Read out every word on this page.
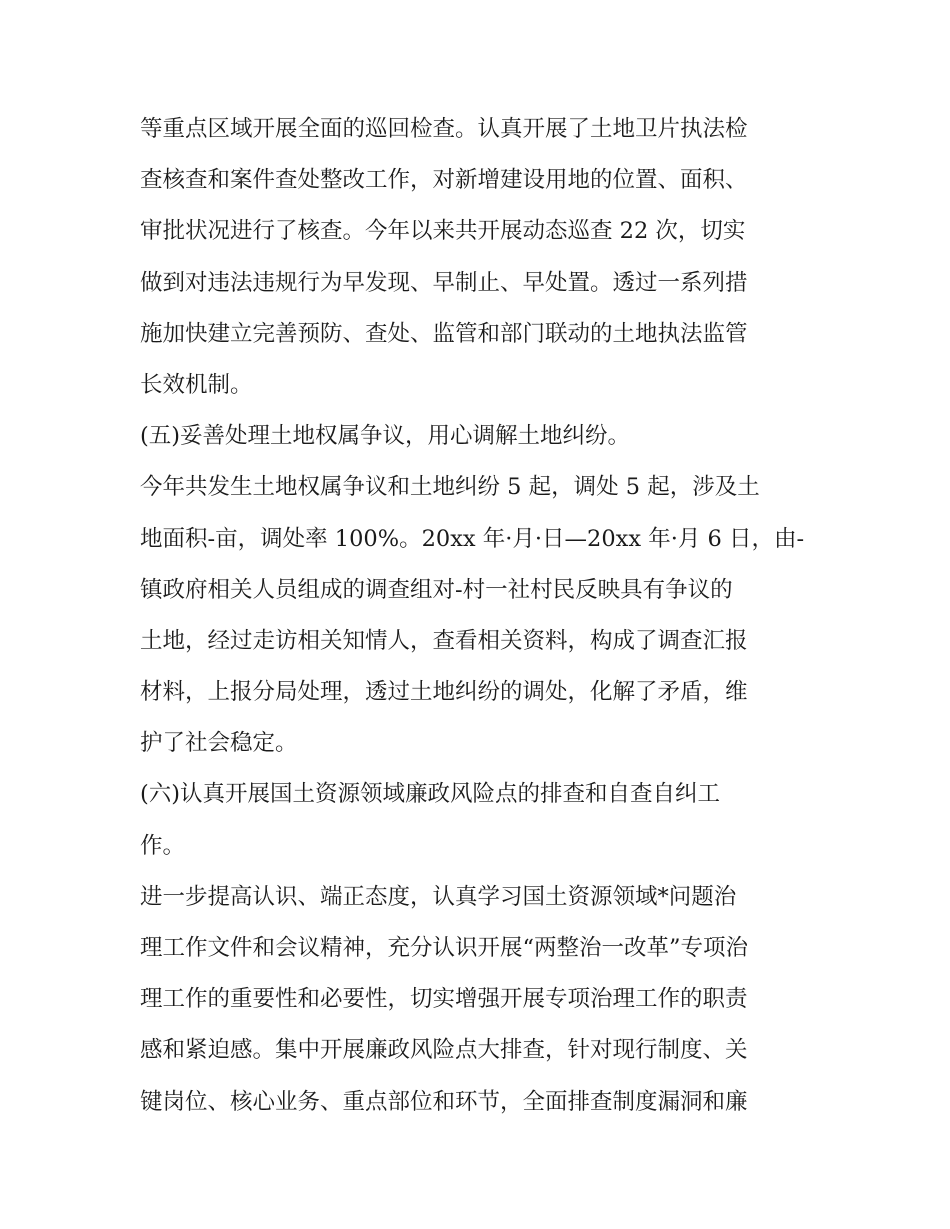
等重点区域开展全面的巡回检查。认真开展了土地卫片执法检
查核查和案件查处整改工作，对新增建设用地的位置、面积、
审批状况进行了核查。今年以来共开展动态巡查 22 次，切实
做到对违法违规行为早发现、早制止、早处置。透过一系列措
施加快建立完善预防、查处、监管和部门联动的土地执法监管
长效机制。
(五)妥善处理土地权属争议，用心调解土地纠纷。
今年共发生土地权属争议和土地纠纷 5 起，调处 5 起，涉及土
地面积-亩，调处率 100%。20xx 年·月·日—20xx 年·月 6 日，由-
镇政府相关人员组成的调查组对-村一社村民反映具有争议的
土地，经过走访相关知情人，查看相关资料，构成了调查汇报
材料，上报分局处理，透过土地纠纷的调处，化解了矛盾，维
护了社会稳定。
(六)认真开展国土资源领域廉政风险点的排查和自查自纠工
作。
进一步提高认识、端正态度，认真学习国土资源领域*问题治
理工作文件和会议精神，充分认识开展“两整治一改革”专项治
理工作的重要性和必要性，切实增强开展专项治理工作的职责
感和紧迫感。集中开展廉政风险点大排查，针对现行制度、关
键岗位、核心业务、重点部位和环节，全面排查制度漏洞和廉
